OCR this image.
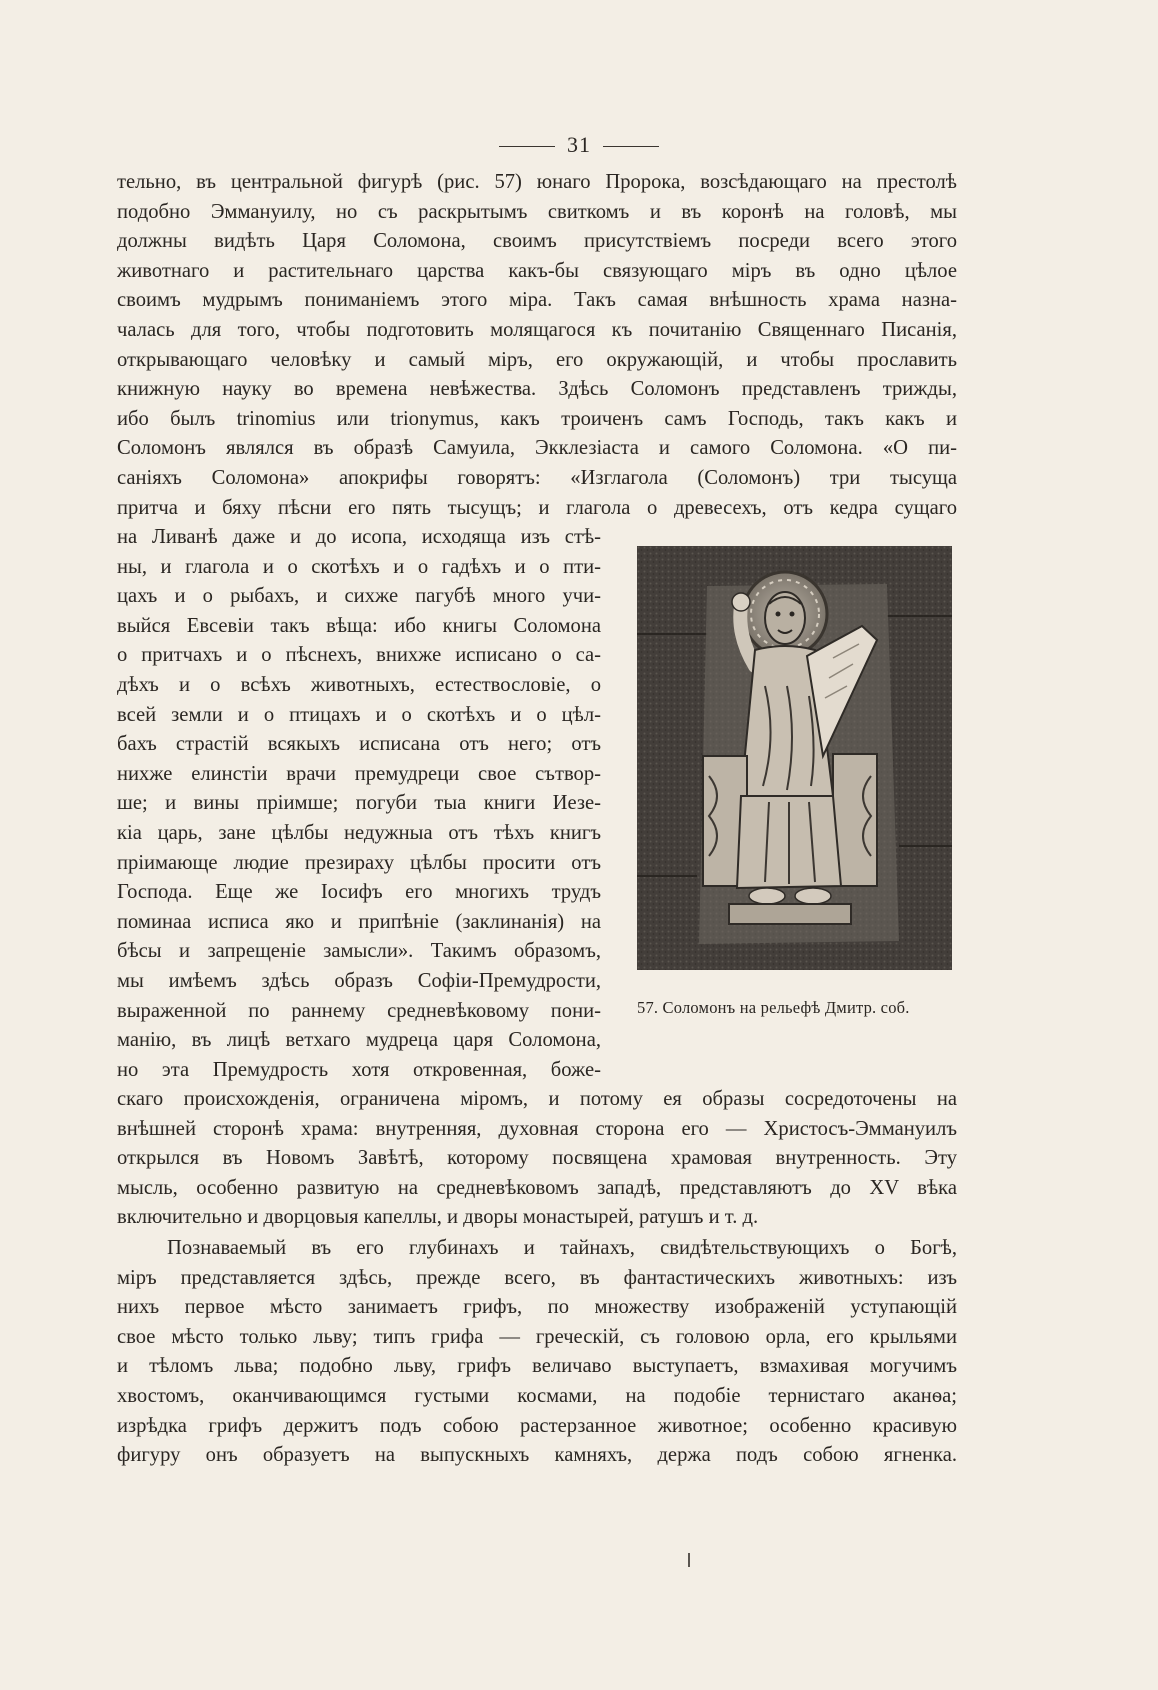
31
тельно, въ центральной фигурѣ (рис. 57) юнаго Пророка, возсѣдающаго на престолѣ
подобно Эммануилу, но съ раскрытымъ свиткомъ и въ коронѣ на головѣ, мы
должны видѣть Царя Соломона, своимъ присутствіемъ посреди всего этого
животнаго и растительнаго царства какъ-бы связующаго міръ въ одно цѣлое
своимъ мудрымъ пониманіемъ этого міра. Такъ самая внѣшность храма назна-
чалась для того, чтобы подготовить молящагося къ почитанію Священнаго Писанія,
открывающаго человѣку и самый міръ, его окружающій, и чтобы прославить
книжную науку во времена невѣжества. Здѣсь Соломонъ представленъ трижды,
ибо былъ trinomius или trionymus, какъ троиченъ самъ Господь, такъ какъ и
Соломонъ являлся въ образѣ Самуила, Экклезіаста и самого Соломона. «О пи-
саніяхъ Соломона» апокрифы говорятъ: «Изглагола (Соломонъ) три тысуща
притча и бяху пѣсни его пять тысущъ; и глагола о древесехъ, отъ кедра сущаго
на Ливанѣ даже и до исопа, исходяща изъ стѣ-
ны, и глагола и о скотѣхъ и о гадѣхъ и о пти-
цахъ и о рыбахъ, и сихже пагубѣ много учи-
выйся Евсевіи такъ вѣща: ибо книгы Соломона
о притчахъ и о пѣснехъ, вниxже исписано о са-
дѣхъ и о всѣхъ животныхъ, естествословіе, о
всей земли и о птицахъ и о скотѣхъ и о цѣл-
бахъ страстій всякыхъ исписана отъ него; отъ
нихже елинстіи врачи премудреци свое сътвор-
ше; и вины пріимше; погуби тыа книги Иезе-
кіа царь, зане цѣлбы недужныа отъ тѣхъ книгъ
пріимающе людие презираху цѣлбы просити отъ
Господа. Еще же Іосифъ его многихъ трудъ
поминаа исписа яко и припѣніе (заклинанія) на
бѣсы и запрещеніе замысли». Такимъ образомъ,
мы имѣемъ здѣсь образъ Софіи-Премудрости,
выраженной по раннему средневѣковому пони-
манію, въ лицѣ ветхаго мудреца царя Соломона,
но эта Премудрость хотя откровенная, боже-
скаго происхожденія, ограничена міромъ, и потому ея образы сосредоточены на
внѣшней сторонѣ храма: внутренняя, духовная сторона его — Христосъ-Эммануилъ
открылся въ Новомъ Завѣтѣ, которому посвящена храмовая внутренность. Эту
мысль, особенно развитую на средневѣковомъ западѣ, представляютъ до XV вѣка
включительно и дворцовыя капеллы, и дворы монастырей, ратушъ и т. д.
Познаваемый въ его глубинахъ и тайнахъ, свидѣтельствующихъ о Богѣ,
міръ представляется здѣсь, прежде всего, въ фантастическихъ животныхъ: изъ
нихъ первое мѣсто занимаетъ грифъ, по множеству изображеній уступающій
свое мѣсто только льву; типъ грифа — греческій, съ головою орла, его крыльями
и тѣломъ льва; подобно льву, грифъ величаво выступаетъ, взмахивая могучимъ
хвостомъ, оканчивающимся густыми космами, на подобіе тернистаго аканѳа;
изрѣдка грифъ держитъ подъ собою растерзанное животное; особенно красивую
фигуру онъ образуетъ на выпускныхъ камняхъ, держа подъ собою ягненка.
57. Соломонъ на рельефѣ Дмитр. соб.
